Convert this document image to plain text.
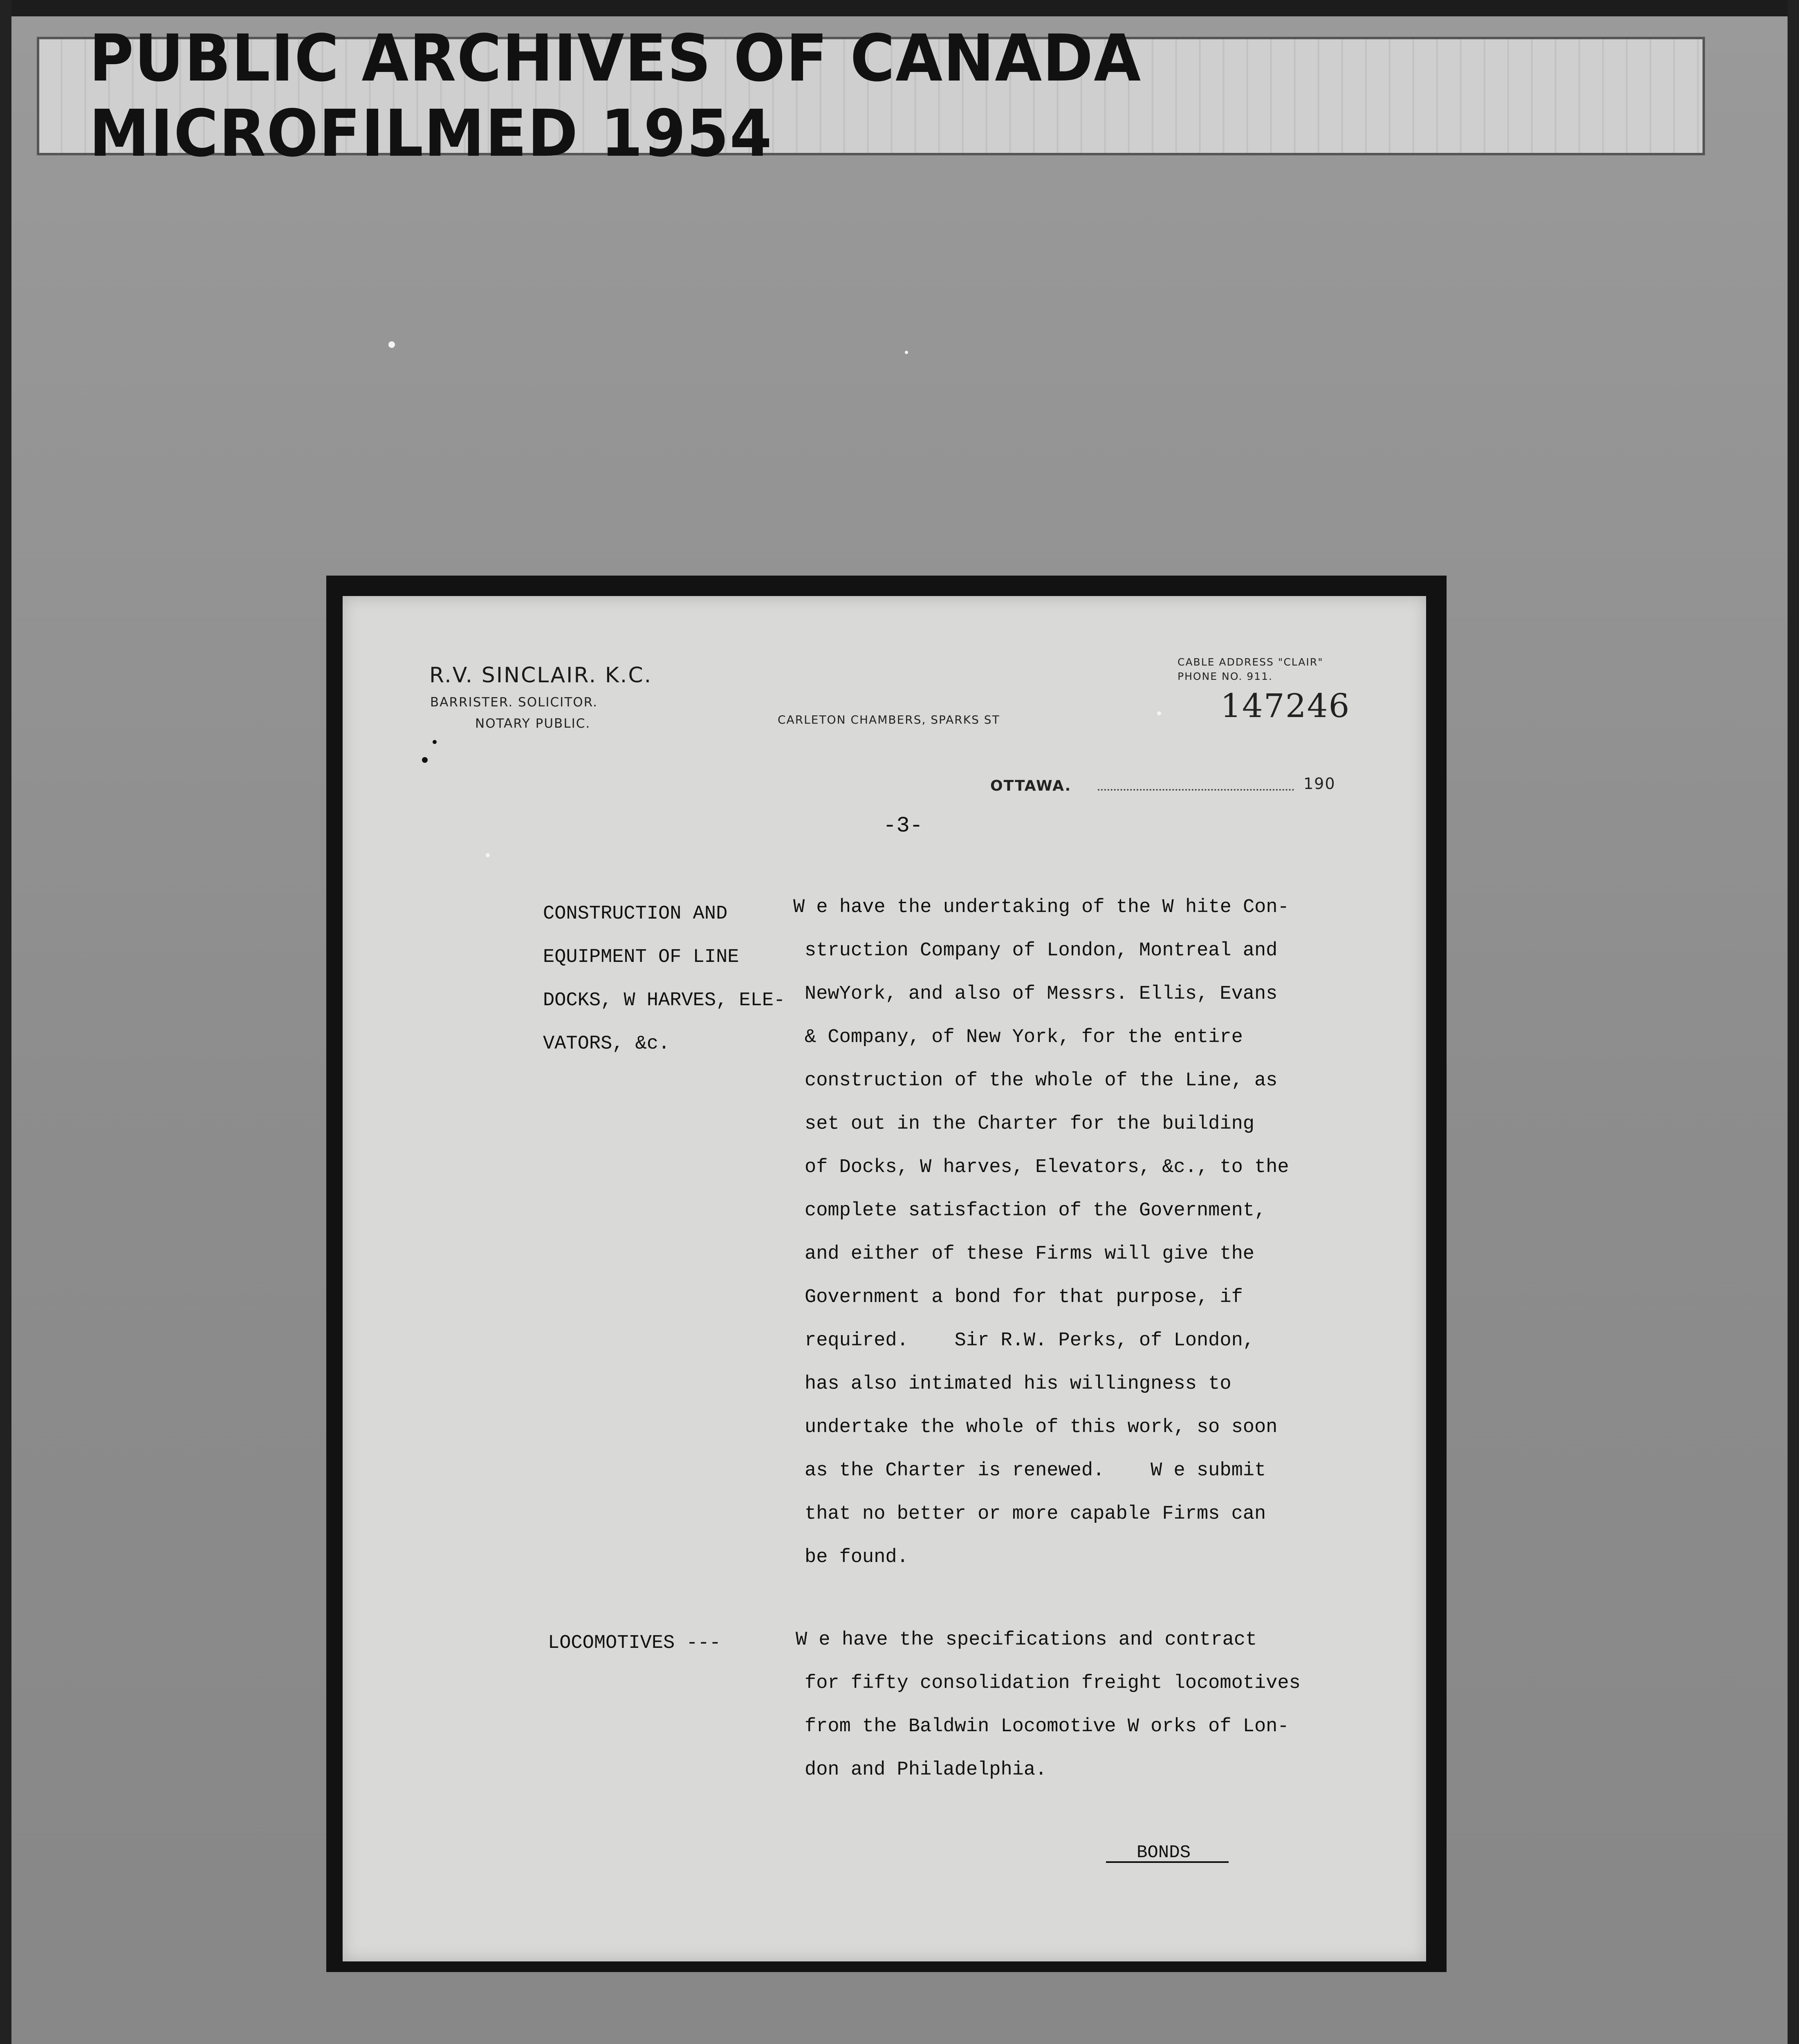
PUBLIC ARCHIVES OF CANADA MICROFILMED 1954
R.V. SINCLAIR. K.C.
BARRISTER. SOLICITOR.
NOTARY PUBLIC.	CARLETON CHAMBERS, SPARKS ST
CABLE ADDRESS "CLAIR"
PHONE NO. 911.
147246
OTTAWA.	190
-3-
CONSTRUCTION AND
EQUIPMENT OF LINE
DOCKS, W HARVES, ELE-
VATORS, &c.
W e have the undertaking of the W hite Con-
struction Company of London, Montreal and
NewYork, and also of Messrs. Ellis, Evans
& Company, of New York, for the entire
construction of the whole of the Line, as
set out in the Charter for the building
of Docks, W harves, Elevators, &c., to the
complete satisfaction of the Government,
and either of these Firms will give the
Government a bond for that purpose, if
required.    Sir R.W. Perks, of London,
has also intimated his willingness to
undertake the whole of this work, so soon
as the Charter is renewed.    W e submit
that no better or more capable Firms can
be found.
LOCOMOTIVES ---	W e have the specifications and contract
for fifty consolidation freight locomotives
from the Baldwin Locomotive W orks of Lon-
don and Philadelphia.
BONDS
